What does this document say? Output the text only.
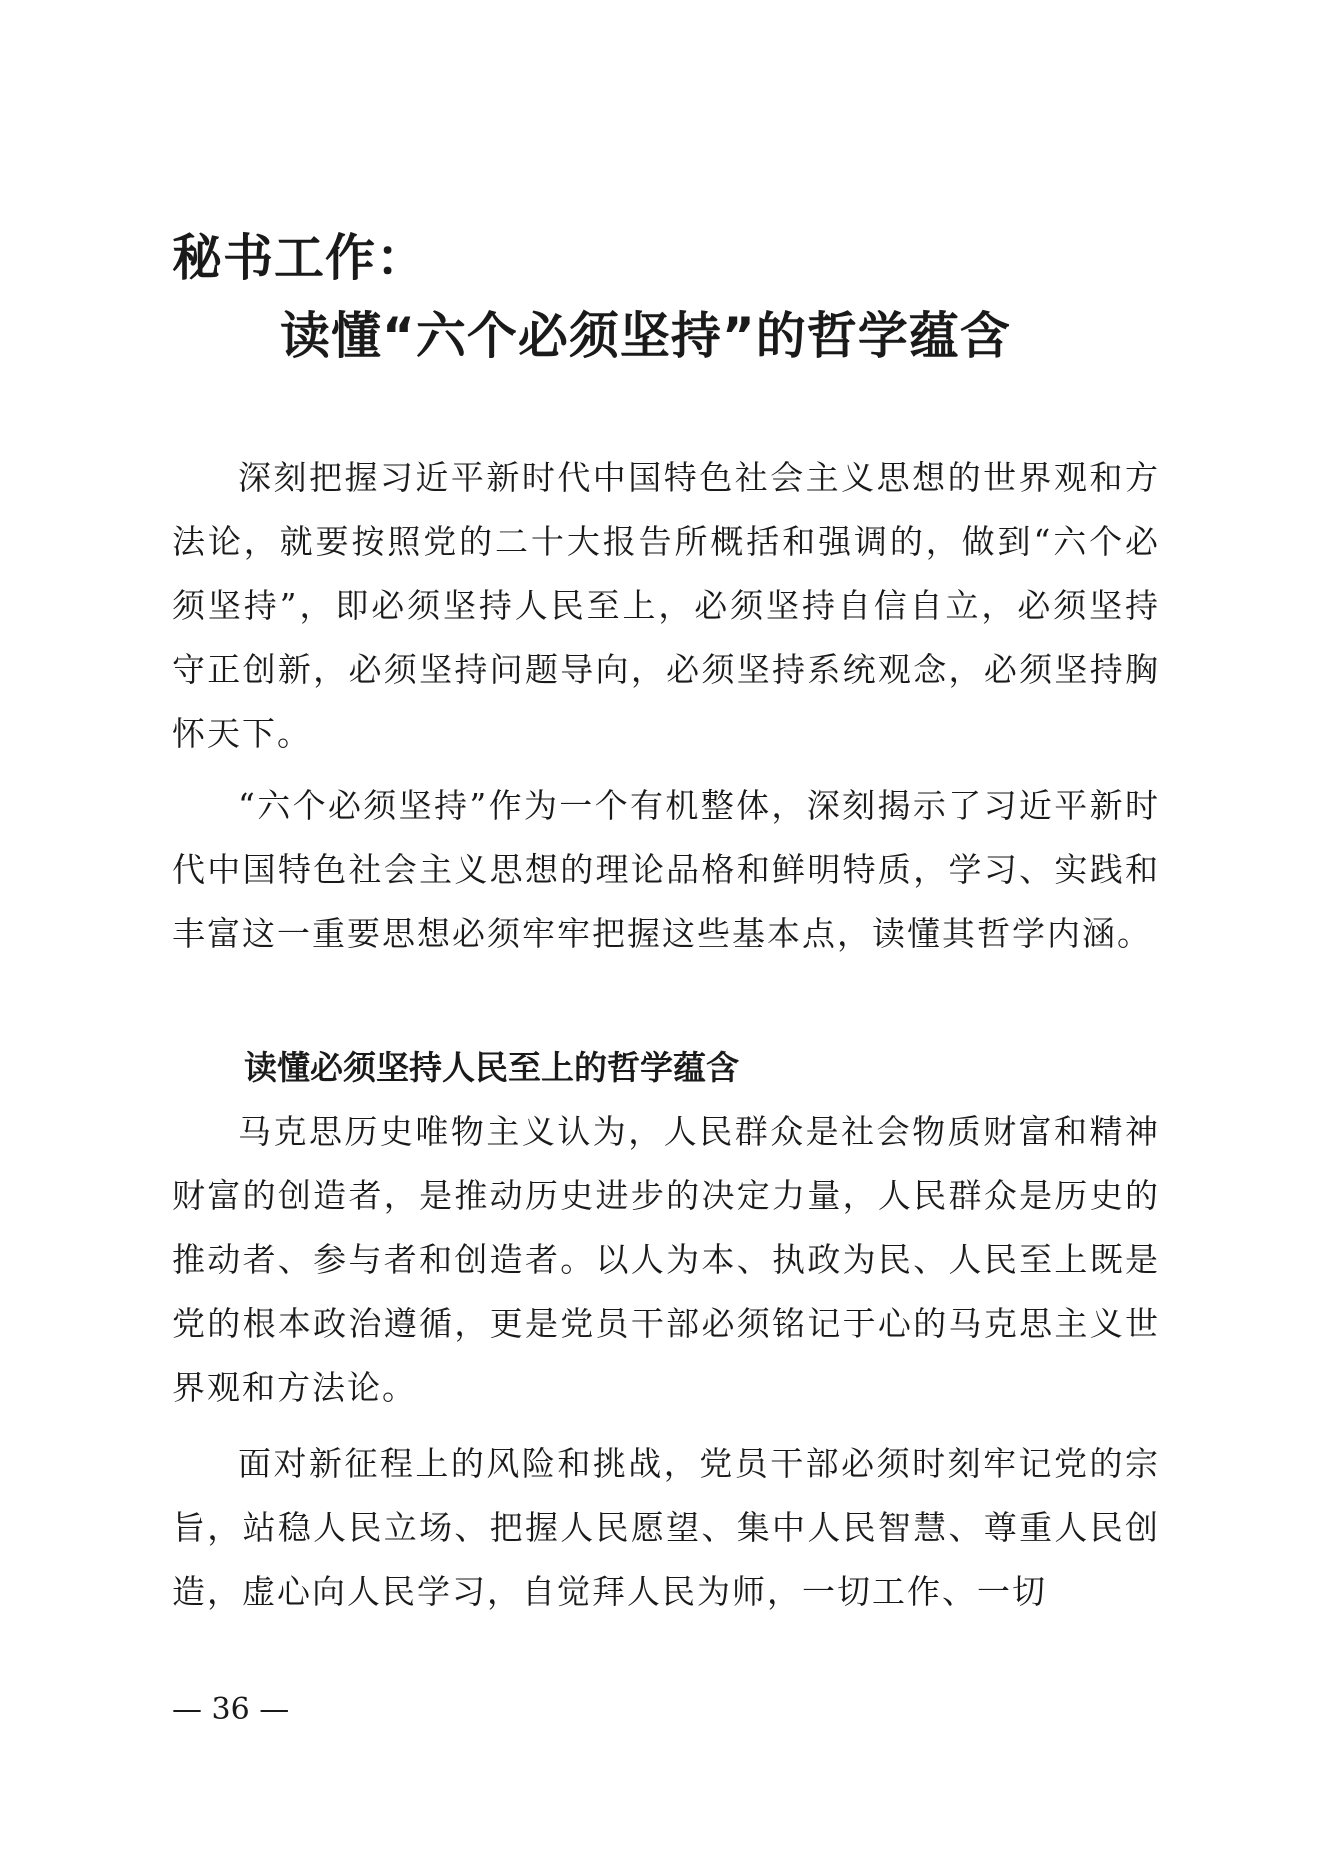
秘书工作：
读懂“六个必须坚持”的哲学蕴含

深刻把握习近平新时代中国特色社会主义思想的世界观和方法论，就要按照党的二十大报告所概括和强调的，做到“六个必须坚持”，即必须坚持人民至上，必须坚持自信自立，必须坚持守正创新，必须坚持问题导向，必须坚持系统观念，必须坚持胸怀天下。

“六个必须坚持”作为一个有机整体，深刻揭示了习近平新时代中国特色社会主义思想的理论品格和鲜明特质，学习、实践和丰富这一重要思想必须牢牢把握这些基本点，读懂其哲学内涵。

读懂必须坚持人民至上的哲学蕴含

马克思历史唯物主义认为，人民群众是社会物质财富和精神财富的创造者，是推动历史进步的决定力量，人民群众是历史的推动者、参与者和创造者。以人为本、执政为民、人民至上既是党的根本政治遵循，更是党员干部必须铭记于心的马克思主义世界观和方法论。

面对新征程上的风险和挑战，党员干部必须时刻牢记党的宗旨，站稳人民立场、把握人民愿望、集中人民智慧、尊重人民创造，虚心向人民学习，自觉拜人民为师，一切工作、一切

— 36 —
